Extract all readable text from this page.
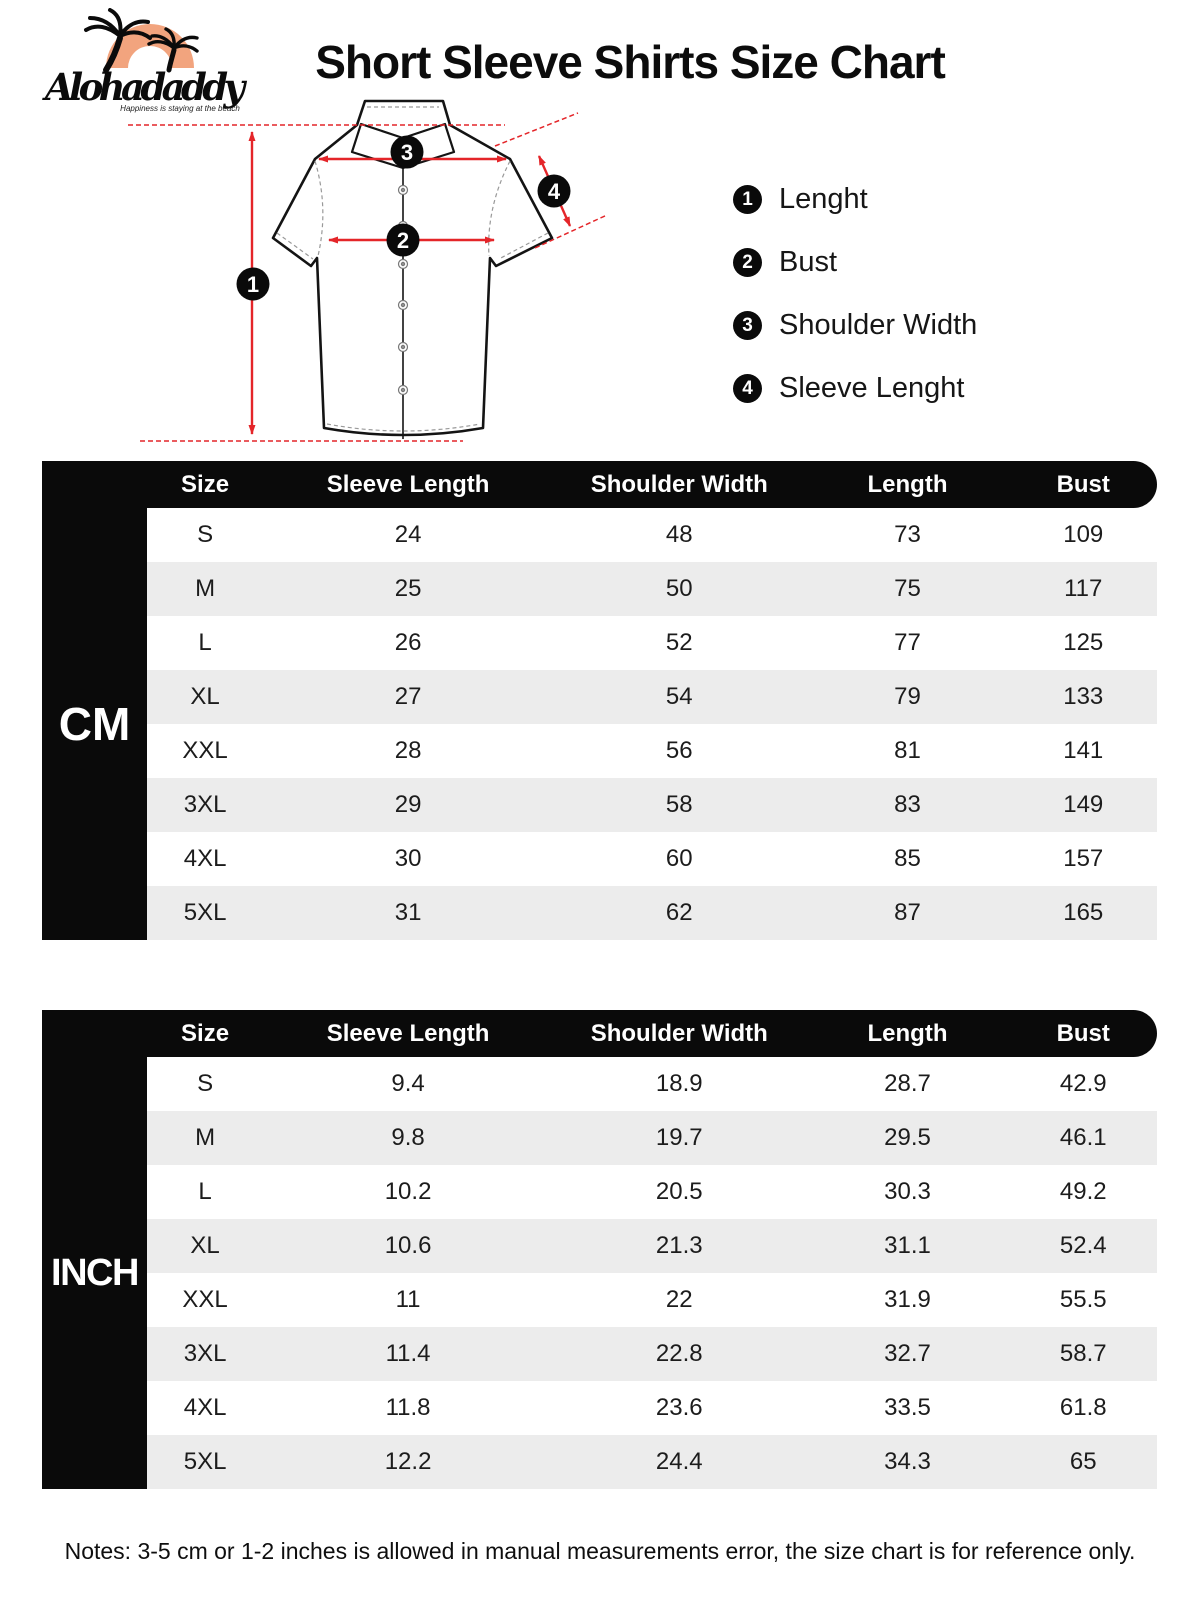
Alohadaddy
Happiness is staying at the beach
Short Sleeve Shirts Size Chart
1
2
3
4	1 Lenght
2 Bust
3 Shoulder Width
4 Sleeve Lenght
Size	Sleeve Length	Shoulder Width	Length	Bust
CM
S	24	48	73	109
M	25	50	75	117
L	26	52	77	125
XL	27	54	79	133
XXL	28	56	81	141
3XL	29	58	83	149
4XL	30	60	85	157
5XL	31	62	87	165
Size	Sleeve Length	Shoulder Width	Length	Bust
INCH
S	9.4	18.9	28.7	42.9
M	9.8	19.7	29.5	46.1
L	10.2	20.5	30.3	49.2
XL	10.6	21.3	31.1	52.4
XXL	11	22	31.9	55.5
3XL	11.4	22.8	32.7	58.7
4XL	11.8	23.6	33.5	61.8
5XL	12.2	24.4	34.3	65
Notes: 3-5 cm or 1-2 inches is allowed in manual measurements error, the size chart is for reference only.
